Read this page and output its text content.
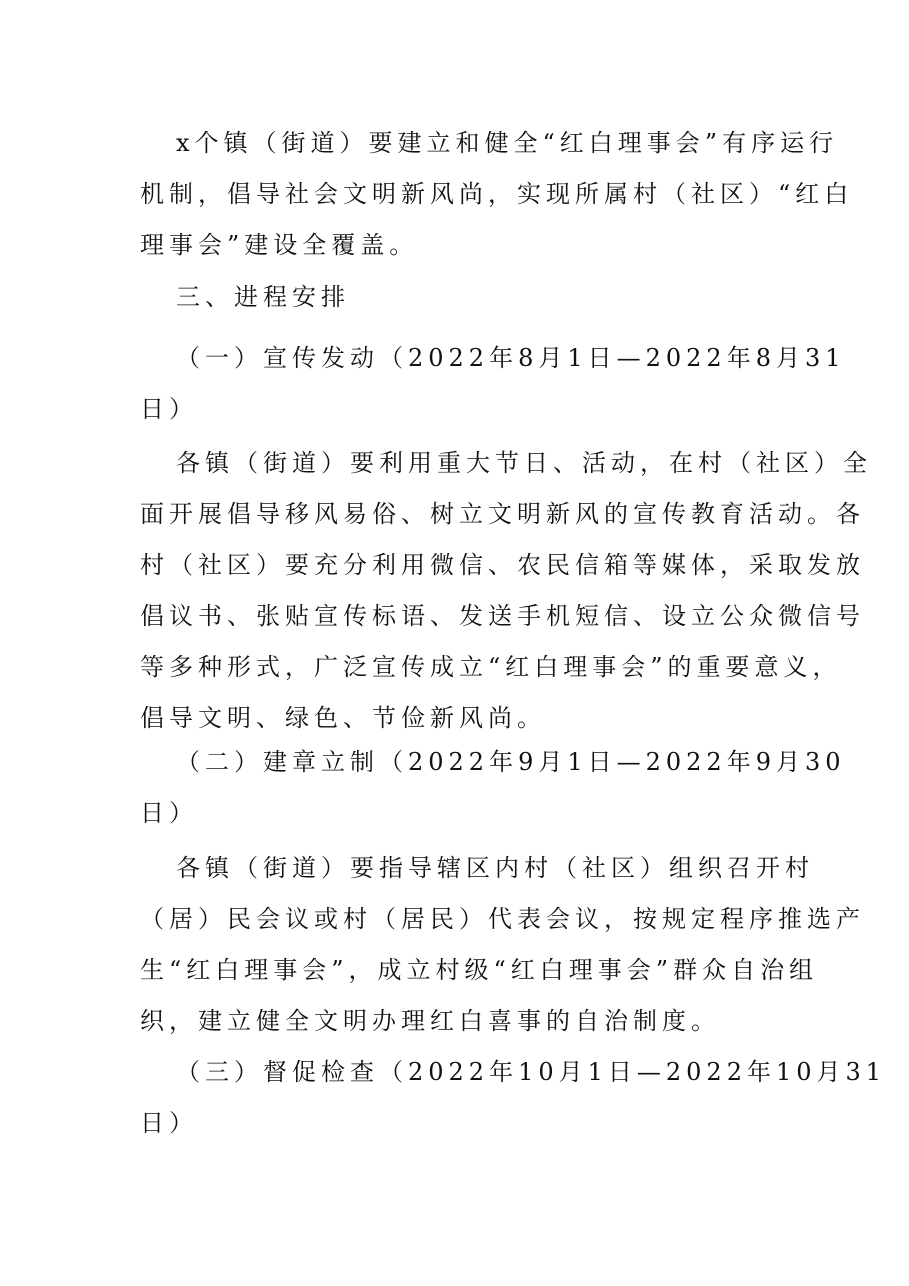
x个镇（街道）要建立和健全“红白理事会”有序运行
机制，倡导社会文明新风尚，实现所属村（社区）“红白
理事会”建设全覆盖。
三、进程安排
（一）宣传发动（2022年8月1日—2022年8月31
日）
各镇（街道）要利用重大节日、活动，在村（社区）全
面开展倡导移风易俗、树立文明新风的宣传教育活动。各
村（社区）要充分利用微信、农民信箱等媒体，采取发放
倡议书、张贴宣传标语、发送手机短信、设立公众微信号
等多种形式，广泛宣传成立“红白理事会”的重要意义，
倡导文明、绿色、节俭新风尚。
（二）建章立制（2022年9月1日—2022年9月30
日）
各镇（街道）要指导辖区内村（社区）组织召开村
（居）民会议或村（居民）代表会议，按规定程序推选产
生“红白理事会”，成立村级“红白理事会”群众自治组
织，建立健全文明办理红白喜事的自治制度。
（三）督促检查（2022年10月1日—2022年10月31
日）
